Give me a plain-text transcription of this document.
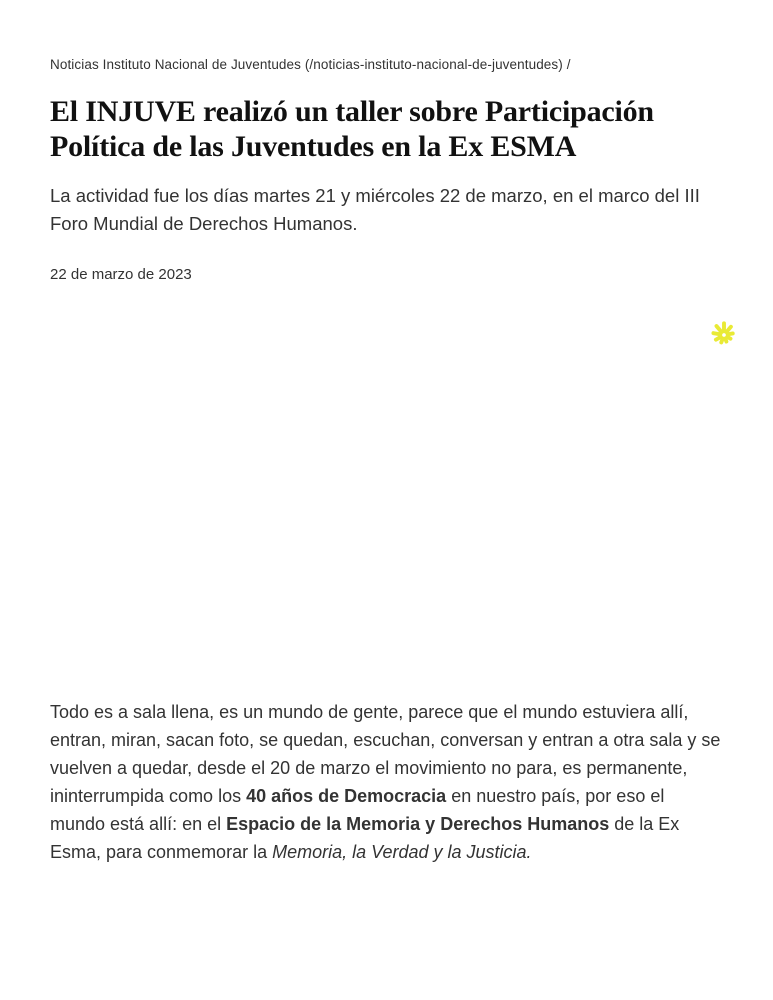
Noticias Instituto Nacional de Juventudes (/noticias-instituto-nacional-de-juventudes) /
El INJUVE realizó un taller sobre Participación Política de las Juventudes en la Ex ESMA

La actividad fue los días martes 21 y miércoles 22 de marzo, en el marco del III Foro Mundial de Derechos Humanos.

22 de marzo de 2023

Todo es a sala llena, es un mundo de gente, parece que el mundo estuviera allí, entran, miran, sacan foto, se quedan, escuchan, conversan y entran a otra sala y se vuelven a quedar, desde el 20 de marzo el movimiento no para, es permanente, ininterrumpida como los 40 años de Democracia en nuestro país, por eso el mundo está allí: en el Espacio de la Memoria y Derechos Humanos de la Ex Esma, para conmemorar la Memoria, la Verdad y la Justicia.
